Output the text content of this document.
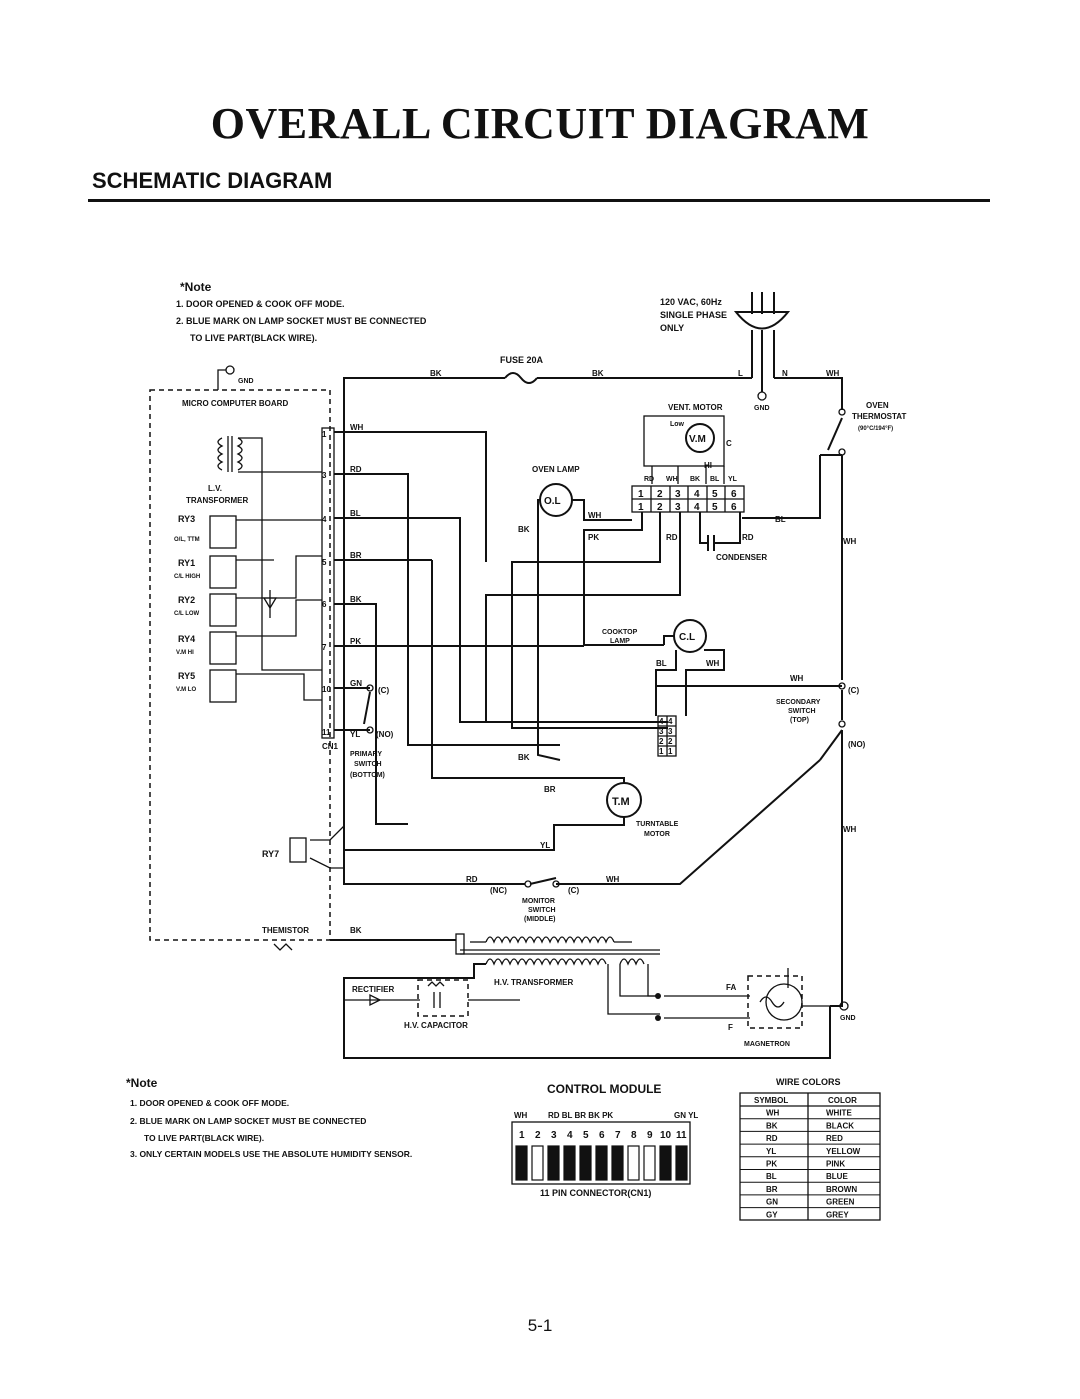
OVERALL CIRCUIT DIAGRAM
SCHEMATIC DIAGRAM
*Note
1. DOOR OPENED & COOK OFF MODE.
2. BLUE MARK ON LAMP SOCKET MUST BE CONNECTED
TO LIVE PART(BLACK WIRE).
120 VAC, 60Hz
SINGLE PHASE
ONLY
L	N
GND
FUSE 20A
BK	BK	WH
OVEN
THERMOSTAT
(90°C/194°F)
WH
BL
(C)
(NO)
SECONDARY
SWITCH
(TOP)
WH
WH
WH
RD
(NC)	(C)
MONITOR
SWITCH
(MIDDLE)
VENT. MOTOR
V.M
Low
HI
C
RD WH BK BL YL
1 2 3 4 5 6
1 2 3 4 5 6
RD	RD
CONDENSER
PK
OVEN LAMP
O.L
WH
BK
COOKTOP
LAMP	C.L
BL	WH
4
3
2
1
4
3
2
1
T.M
BR
BK
YL
TURNTABLE
MOTOR
MICRO COMPUTER BOARD
GND
L.V.
TRANSFORMER
RY3
O/L, TTM
RY1
C/L HIGH
RY2
C/L LOW
RY4
V.M HI
RY5
V.M LO
1
3
4
5
6
7
10
11
CN1
RY7
THEMISTOR
WH
RD
BL
BR
BK
PK
GN
YL
(C)
(NO)
PRIMARY
SWITCH
(BOTTOM)
BK
H.V. TRANSFORMER
RECTIFIER
H.V. CAPACITOR
FA
F
MAGNETRON
GND
*Note
1. DOOR OPENED & COOK OFF MODE.
2. BLUE MARK ON LAMP SOCKET MUST BE CONNECTED
TO LIVE PART(BLACK WIRE).
3. ONLY CERTAIN MODELS USE THE ABSOLUTE HUMIDITY SENSOR.
CONTROL MODULE
WH	RD BL BR BK PK	GN YL
1 2 3 4 5 6 7 8 9 10 11
11 PIN CONNECTOR(CN1)
WIRE COLORS
SYMBOL	COLOR
WH	WHITE
BK	BLACK
RD	RED
YL	YELLOW
PK	PINK
BL	BLUE
BR	BROWN
GN	GREEN
GY	GREY
5-1
